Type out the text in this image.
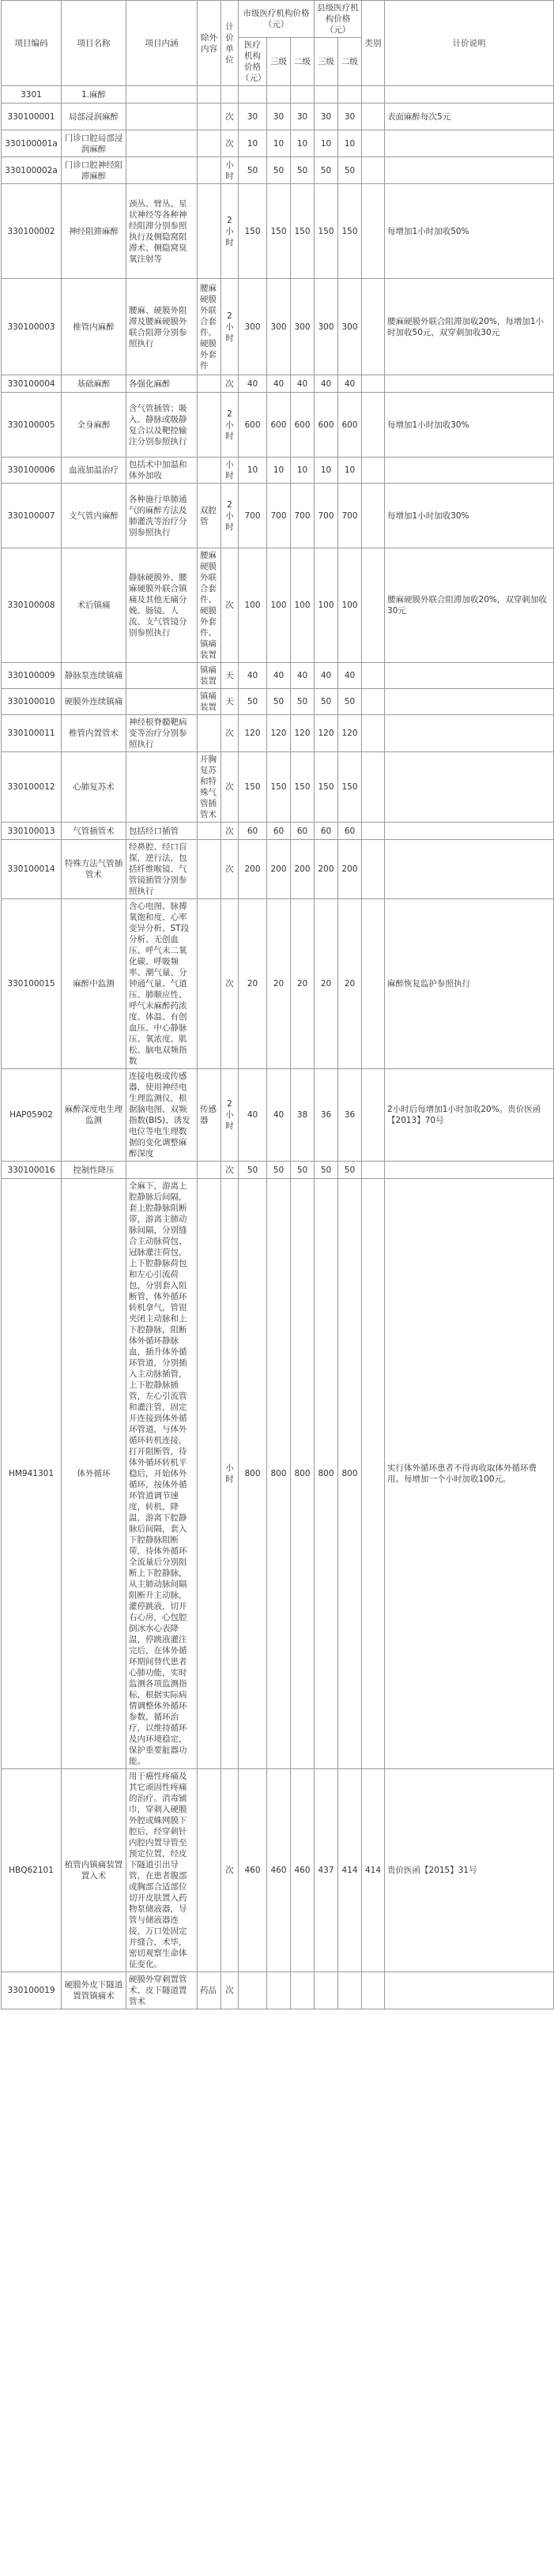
项目编码	项目名称	项目内涵	除外内容	计价单位	市级医疗机构价格（元）			县级医疗机构价格（元）		类别	计价说明
					医疗机构价格（元）	三级	二级	三级	二级		
3301	1.麻醉										
330100001	局部浸润麻醉			次	30	30	30	30	30		表面麻醉每次5元
330100001a	门诊口腔局部浸润麻醉			次	10	10	10	10	10		
330100002a	门诊口腔神经阻滞麻醉			小时	50	50	50	50	50		
330100002	神经阻滞麻醉	颈丛、臂丛、星状神经等各种神经阻滞分别参照执行及侧隐窝阻滞术、侧隐窝臭氧注射等		2小时	150	150	150	150	150		每增加1小时加收50%
330100003	椎管内麻醉	腰麻、硬膜外阻滞及腰麻硬膜外联合阻滞分别参照执行	腰麻硬膜外联合套件、硬膜外套件	2小时	300	300	300	300	300		腰麻硬膜外联合阻滞加收20%，每增加1小时加收50元，双穿刺加收30元
330100004	基础麻醉	各强化麻醉		次	40	40	40	40	40		
330100005	全身麻醉	含气管插管；吸入、静脉或吸静复合以及靶控输注分别参照执行		2小时	600	600	600	600	600		每增加1小时加收30%
330100006	血液加温治疗	包括术中加温和体外加收		小时	10	10	10	10	10		
330100007	支气管内麻醉	各种施行单肺通气的麻醉方法及肺灌洗等治疗分别参照执行	双腔管	2小时	700	700	700	700	700		每增加1小时加收30%
330100008	术后镇痛	静脉硬膜外、腰麻硬膜外联合镇痛及其他无痛分娩、肠镜、人流、支气管镜分别参照执行	腰麻硬膜外联合套件、硬膜外套件、镇痛装置	次	100	100	100	100	100		腰麻硬膜外联合阻滞加收20%，双穿刺加收30元
330100009	静脉泵连续镇痛		镇痛装置	天	40	40	40	40	40		
330100010	硬膜外连续镇痛		镇痛装置	天	50	50	50	50	50		
330100011	椎管内置管术	神经根脊髓靶病变等治疗分别参照执行		次	120	120	120	120	120		
330100012	心肺复苏术		开胸复苏和特殊气管插管术	次	150	150	150	150	150		
330100013	气管插管术	包括经口插管		次	60	60	60	60	60		
330100014	特殊方法气管插管术	经鼻腔、经口盲探，逆行法，包括纤维喉镜、气管镜插管分别参照执行		次	200	200	200	200	200		
330100015	麻醉中监测	含心电图、脉搏氧饱和度、心率变异分析、ST段分析、无创血压、呼气末二氧化碳、呼吸频率、潮气量、分钟通气量、气道压、肺顺应性、呼气末麻醉药浓度、体温、有创血压、中心静脉压、氧浓度、肌松、脑电双频指数		次	20	20	20	20	20		麻醉恢复监护参照执行
HAP05902	麻醉深度电生理监测	连接电极或传感器，使用神经电生理监测仪，根据脑电图、双频指数(BIS)、诱发电位等电生理数据的变化调整麻醉深度	传感器	2小时	40	40	38	36	36		2小时后每增加1小时加收20%。贵价医函【2013】70号
330100016	控制性降压			次	50	50	50	50	50		
HM941301	体外循环	全麻下，游离上腔静脉后间隔，套上腔静脉阻断带，游离主肺动脉间隔，分别缝合主动脉荷包、冠脉灌注荷包，上下腔静脉荷包和左心引流荷包，分别套入阻断管，体外循环转机拿气，管钳夹闭主动脉和上下腔静脉，阻断体外循环静脉血，插升体外循环管道，分别插入主动脉插管，上下腔静脉插管，左心引流管和灌注管，固定开连接到体外循环管道，与体外循环转机连接，打开阻断管，待体外循环转机平稳后，开始体外循环，按体外循环管道调节速度，转机，降温，游离下腔静脉后间隔，套入下腔静脉阻断带，待体外循环全流量后分别阻断上下腔静脉，从主肺动脉间隔阻断升主动脉，灌停跳液，切开右心房，心包腔倒冰水心表降温，停跳液灌注完后，在体外循环期间替代患者心肺功能，实时监测各项监测指标，根据实际病情调整体外循环参数，循环治疗，以维持循环及内环境稳定，保护重要脏器功能。		小时	800	800	800	800	800		实行体外循环患者不得再收取体外循环费用。每增加一个小时加收100元。
HBQ62101	植管内镇痛装置置入术	用于癌性疼痛及其它顽固性疼痛的治疗。消毒铺巾，穿刺入硬膜外腔或蛛网膜下腔后，经穿刺针内腔内置导管至预定位置，经皮下隧道引出导管，在患者腹部或胸部合适部位切开皮肤置入药物泵储液器，导管与储液器连接，万口处固定并缝合，术毕，密切观察生命体征变化。		次	460	460	460	437	414	414	贵价医函【2015】31号
330100019	硬膜外皮下隧道置管镇痛术	硬膜外穿刺置管术、皮下隧道置管术	药品	次							
